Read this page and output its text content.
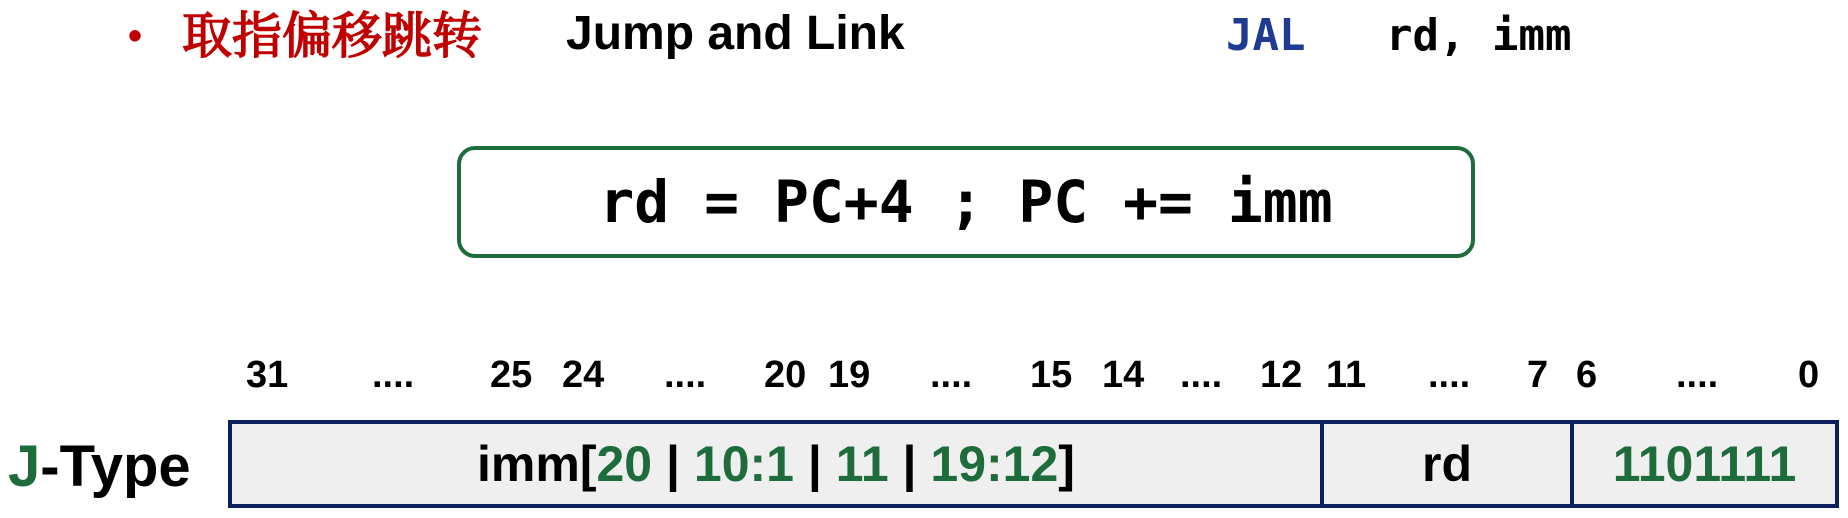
• 取指偏移跳转 Jump and Link	JAL rd, imm
rd = PC+4 ; PC += imm
31 .... 25 24 .... 20 19 .... 15 14 .... 12 11 .... 7 6 .... 0
J-Type	imm[ 20 | 10:1 | 11 | 19:12 ]	rd	1101111
